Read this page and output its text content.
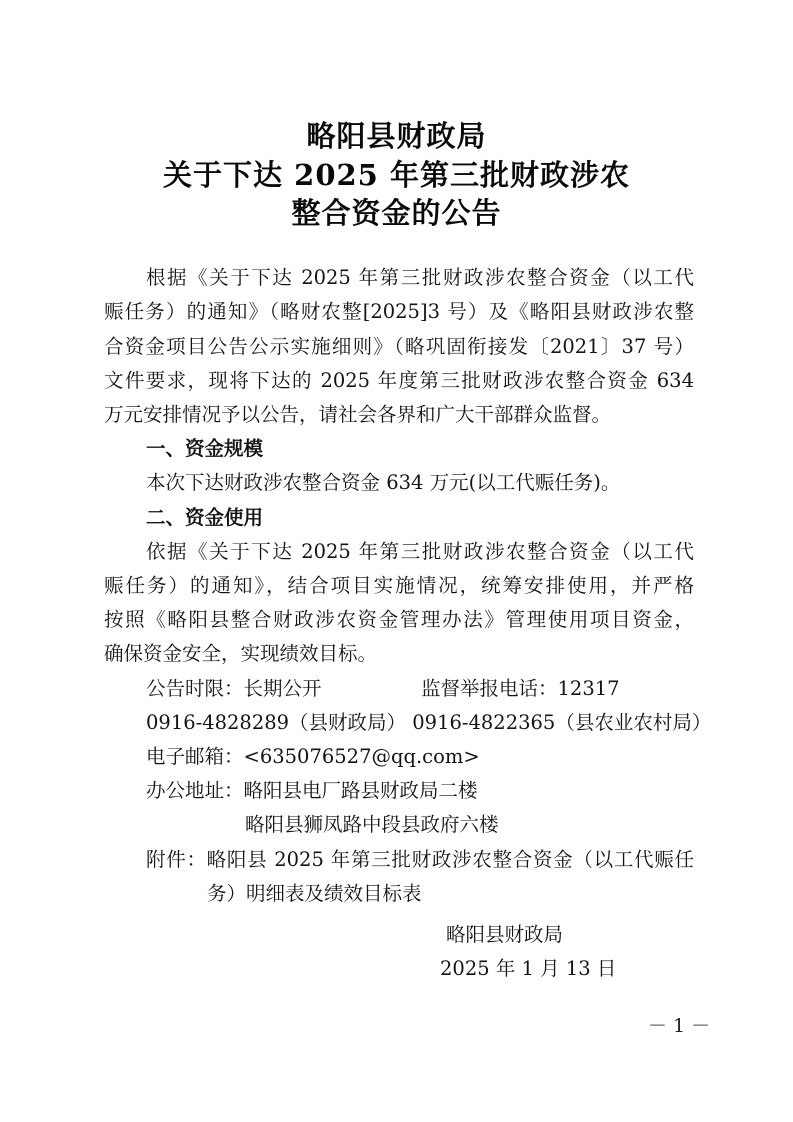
略阳县财政局
关于下达 2025 年第三批财政涉农
整合资金的公告
根据《关于下达 2025 年第三批财政涉农整合资金（以工代
赈任务）的通知》（略财农整[2025]3 号）及《略阳县财政涉农整
合资金项目公告公示实施细则》（略巩固衔接发〔2021〕37 号）
文件要求，现将下达的 2025 年度第三批财政涉农整合资金 634
万元安排情况予以公告，请社会各界和广大干部群众监督。
一、资金规模
本次下达财政涉农整合资金 634 万元(以工代赈任务)。
二、资金使用
依据《关于下达 2025 年第三批财政涉农整合资金（以工代
赈任务）的通知》，结合项目实施情况，统筹安排使用，并严格
按照《略阳县整合财政涉农资金管理办法》管理使用项目资金，
确保资金安全，实现绩效目标。
公告时限：长期公开	监督举报电话：12317
0916-4828289（县财政局） 0916-4822365（县农业农村局）
电子邮箱：<635076527@qq.com>
办公地址：略阳县电厂路县财政局二楼
略阳县狮凤路中段县政府六楼
附件：略阳县 2025 年第三批财政涉农整合资金（以工代赈任
务）明细表及绩效目标表
略阳县财政局
2025 年 1 月 13 日
－ 1 －
